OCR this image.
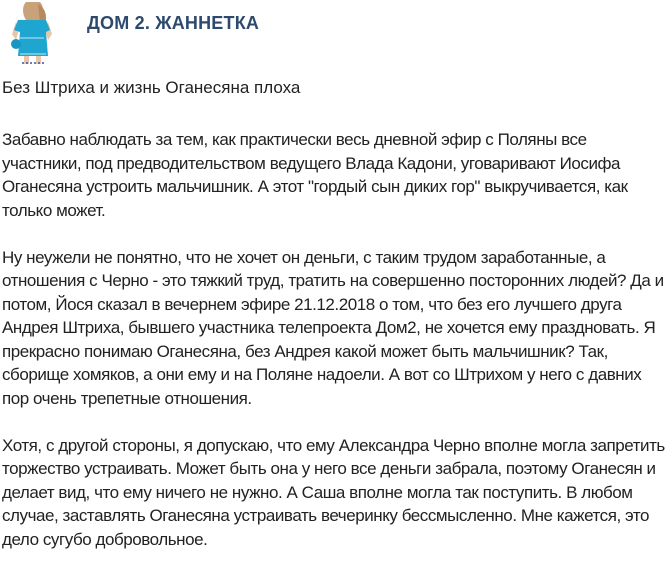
ДОМ 2. ЖАННЕТКА
Без Штриха и жизнь Оганесяна плоха

Забавно наблюдать за тем, как практически весь дневной эфир с Поляны все участники, под предводительством ведущего Влада Кадони, уговаривают Иосифа Оганесяна устроить мальчишник. А этот "гордый сын диких гор" выкручивается, как только может.

Ну неужели не понятно, что не хочет он деньги, с таким трудом заработанные, а отношения с Черно - это тяжкий труд, тратить на совершенно посторонних людей? Да и потом, Йося сказал в вечернем эфире 21.12.2018 о том, что без его лучшего друга Андрея Штриха, бывшего участника телепроекта Дом2, не хочется ему праздновать. Я прекрасно понимаю Оганесяна, без Андрея какой может быть мальчишник? Так, сборище хомяков, а они ему и на Поляне надоели. А вот со Штрихом у него с давних пор очень трепетные отношения.

Хотя, с другой стороны, я допускаю, что ему Александра Черно вполне могла запретить торжество устраивать. Может быть она у него все деньги забрала, поэтому Оганесян и делает вид, что ему ничего не нужно. А Саша вполне могла так поступить. В любом случае, заставлять Оганесяна устраивать вечеринку бессмысленно. Мне кажется, это дело сугубо добровольное.
